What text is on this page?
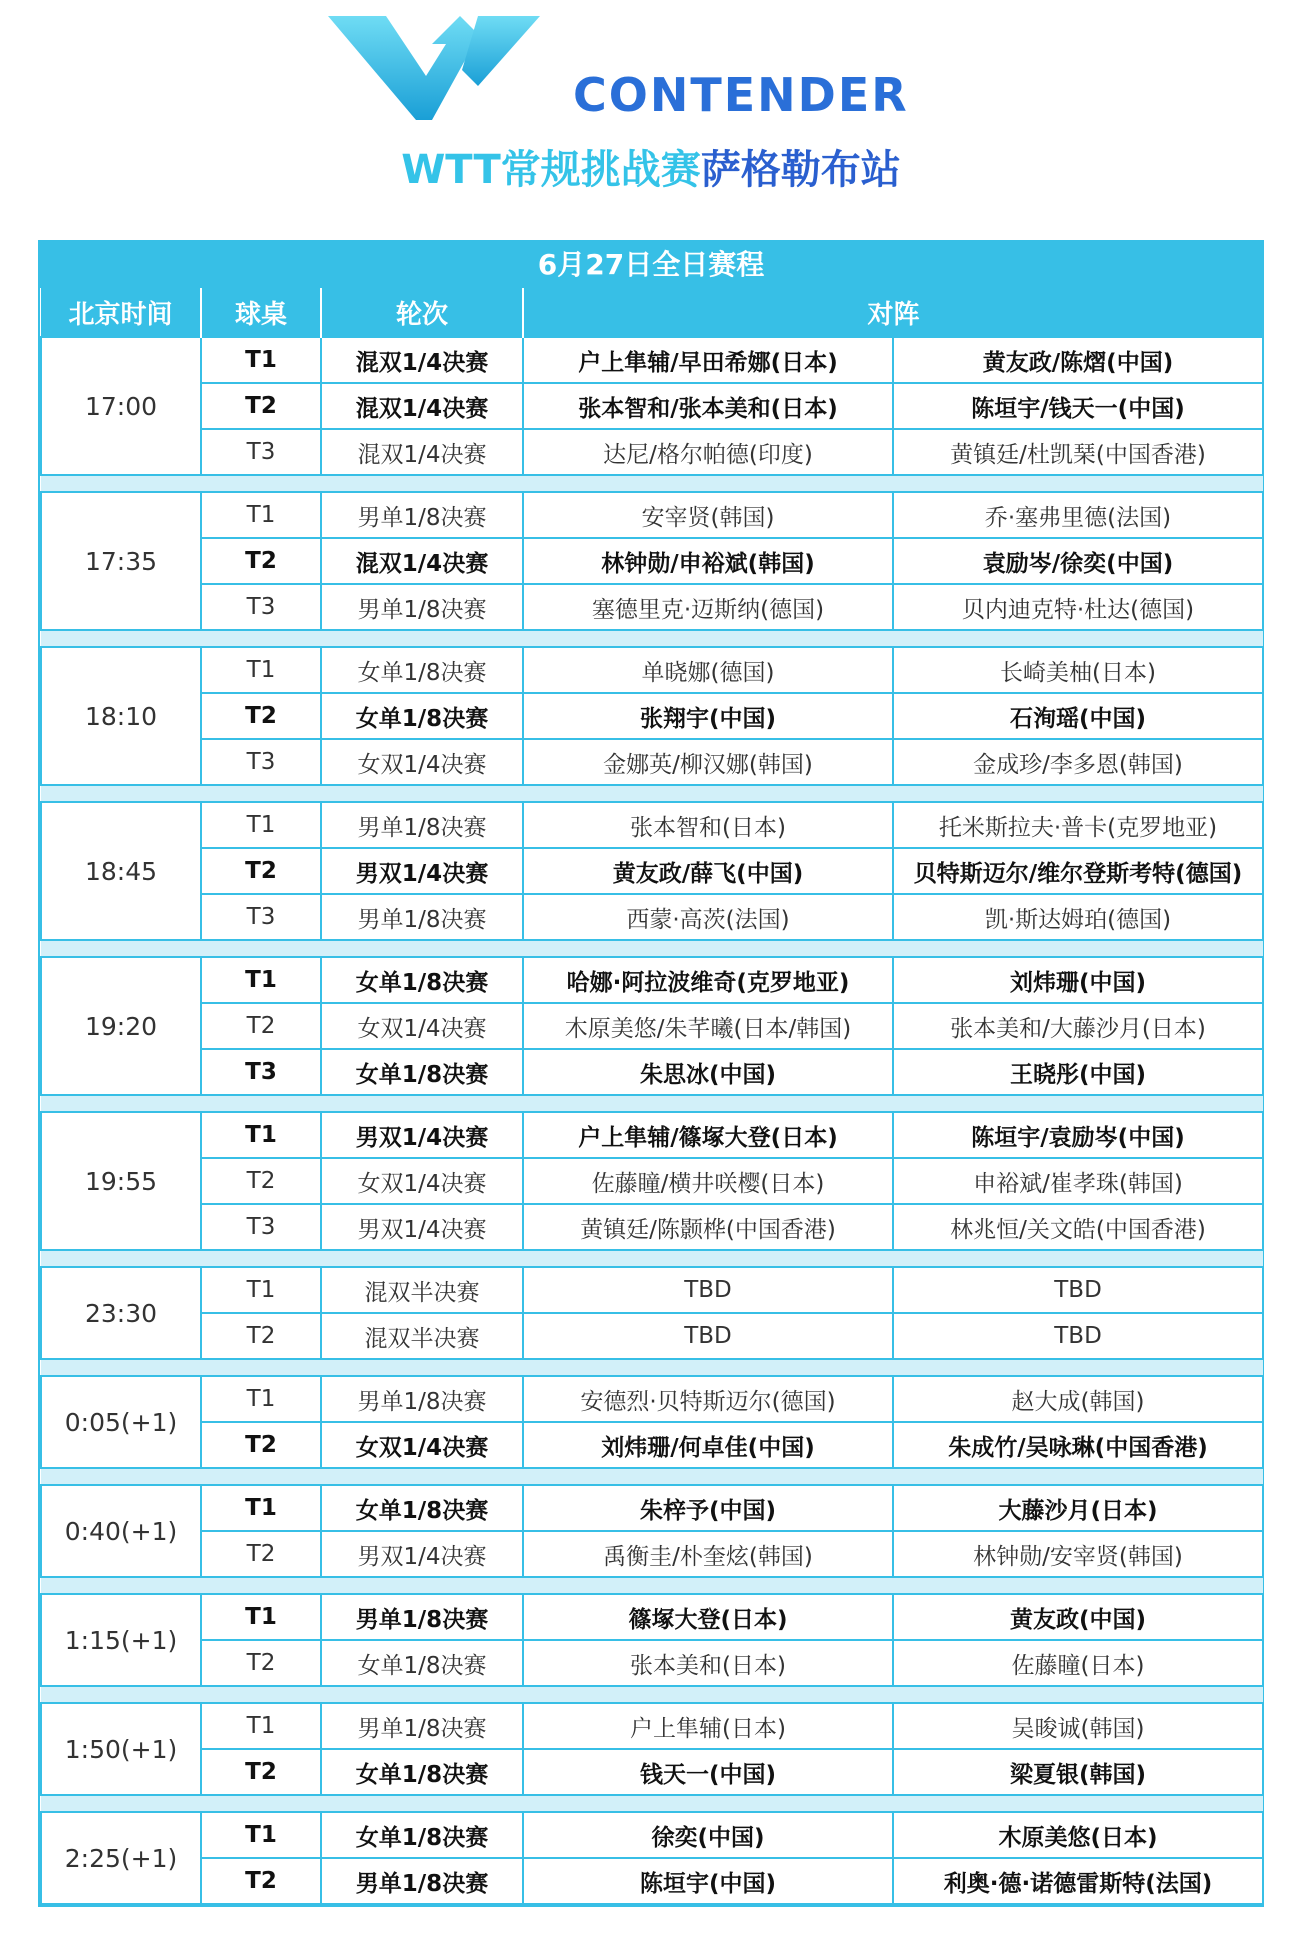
CONTENDER
WTT常规挑战赛萨格勒布站
6月27日全日赛程
北京时间	球桌	轮次	对阵	
17:00	T1	混双1/4决赛	户上隼辅/早田希娜(日本)	黄友政/陈熠(中国)
	T2	混双1/4决赛	张本智和/张本美和(日本)	陈垣宇/钱天一(中国)
	T3	混双1/4决赛	达尼/格尔帕德(印度)	黄镇廷/杜凯琹(中国香港)

17:35	T1	男单1/8决赛	安宰贤(韩国)	乔·塞弗里德(法国)
	T2	混双1/4决赛	林钟勋/申裕斌(韩国)	袁励岑/徐奕(中国)
	T3	男单1/8决赛	塞德里克·迈斯纳(德国)	贝内迪克特·杜达(德国)

18:10	T1	女单1/8决赛	单晓娜(德国)	长崎美柚(日本)
	T2	女单1/8决赛	张翔宇(中国)	石洵瑶(中国)
	T3	女双1/4决赛	金娜英/柳汉娜(韩国)	金成珍/李多恩(韩国)

18:45	T1	男单1/8决赛	张本智和(日本)	托米斯拉夫·普卡(克罗地亚)
	T2	男双1/4决赛	黄友政/薛飞(中国)	贝特斯迈尔/维尔登斯考特(德国)
	T3	男单1/8决赛	西蒙·高茨(法国)	凯·斯达姆珀(德国)

19:20	T1	女单1/8决赛	哈娜·阿拉波维奇(克罗地亚)	刘炜珊(中国)
	T2	女双1/4决赛	木原美悠/朱芊曦(日本/韩国)	张本美和/大藤沙月(日本)
	T3	女单1/8决赛	朱思冰(中国)	王晓彤(中国)

19:55	T1	男双1/4决赛	户上隼辅/篠塚大登(日本)	陈垣宇/袁励岑(中国)
	T2	女双1/4决赛	佐藤瞳/横井咲樱(日本)	申裕斌/崔孝珠(韩国)
	T3	男双1/4决赛	黄镇廷/陈颢桦(中国香港)	林兆恒/关文皓(中国香港)

23:30	T1	混双半决赛	TBD	TBD
	T2	混双半决赛	TBD	TBD

0:05(+1)	T1	男单1/8决赛	安德烈·贝特斯迈尔(德国)	赵大成(韩国)
	T2	女双1/4决赛	刘炜珊/何卓佳(中国)	朱成竹/吴咏琳(中国香港)

0:40(+1)	T1	女单1/8决赛	朱梓予(中国)	大藤沙月(日本)
	T2	男双1/4决赛	禹衡圭/朴奎炫(韩国)	林钟勋/安宰贤(韩国)

1:15(+1)	T1	男单1/8决赛	篠塚大登(日本)	黄友政(中国)
	T2	女单1/8决赛	张本美和(日本)	佐藤瞳(日本)

1:50(+1)	T1	男单1/8决赛	户上隼辅(日本)	吴晙诚(韩国)
	T2	女单1/8决赛	钱天一(中国)	梁夏银(韩国)

2:25(+1)	T1	女单1/8决赛	徐奕(中国)	木原美悠(日本)
	T2	男单1/8决赛	陈垣宇(中国)	利奥·德·诺德雷斯特(法国)
